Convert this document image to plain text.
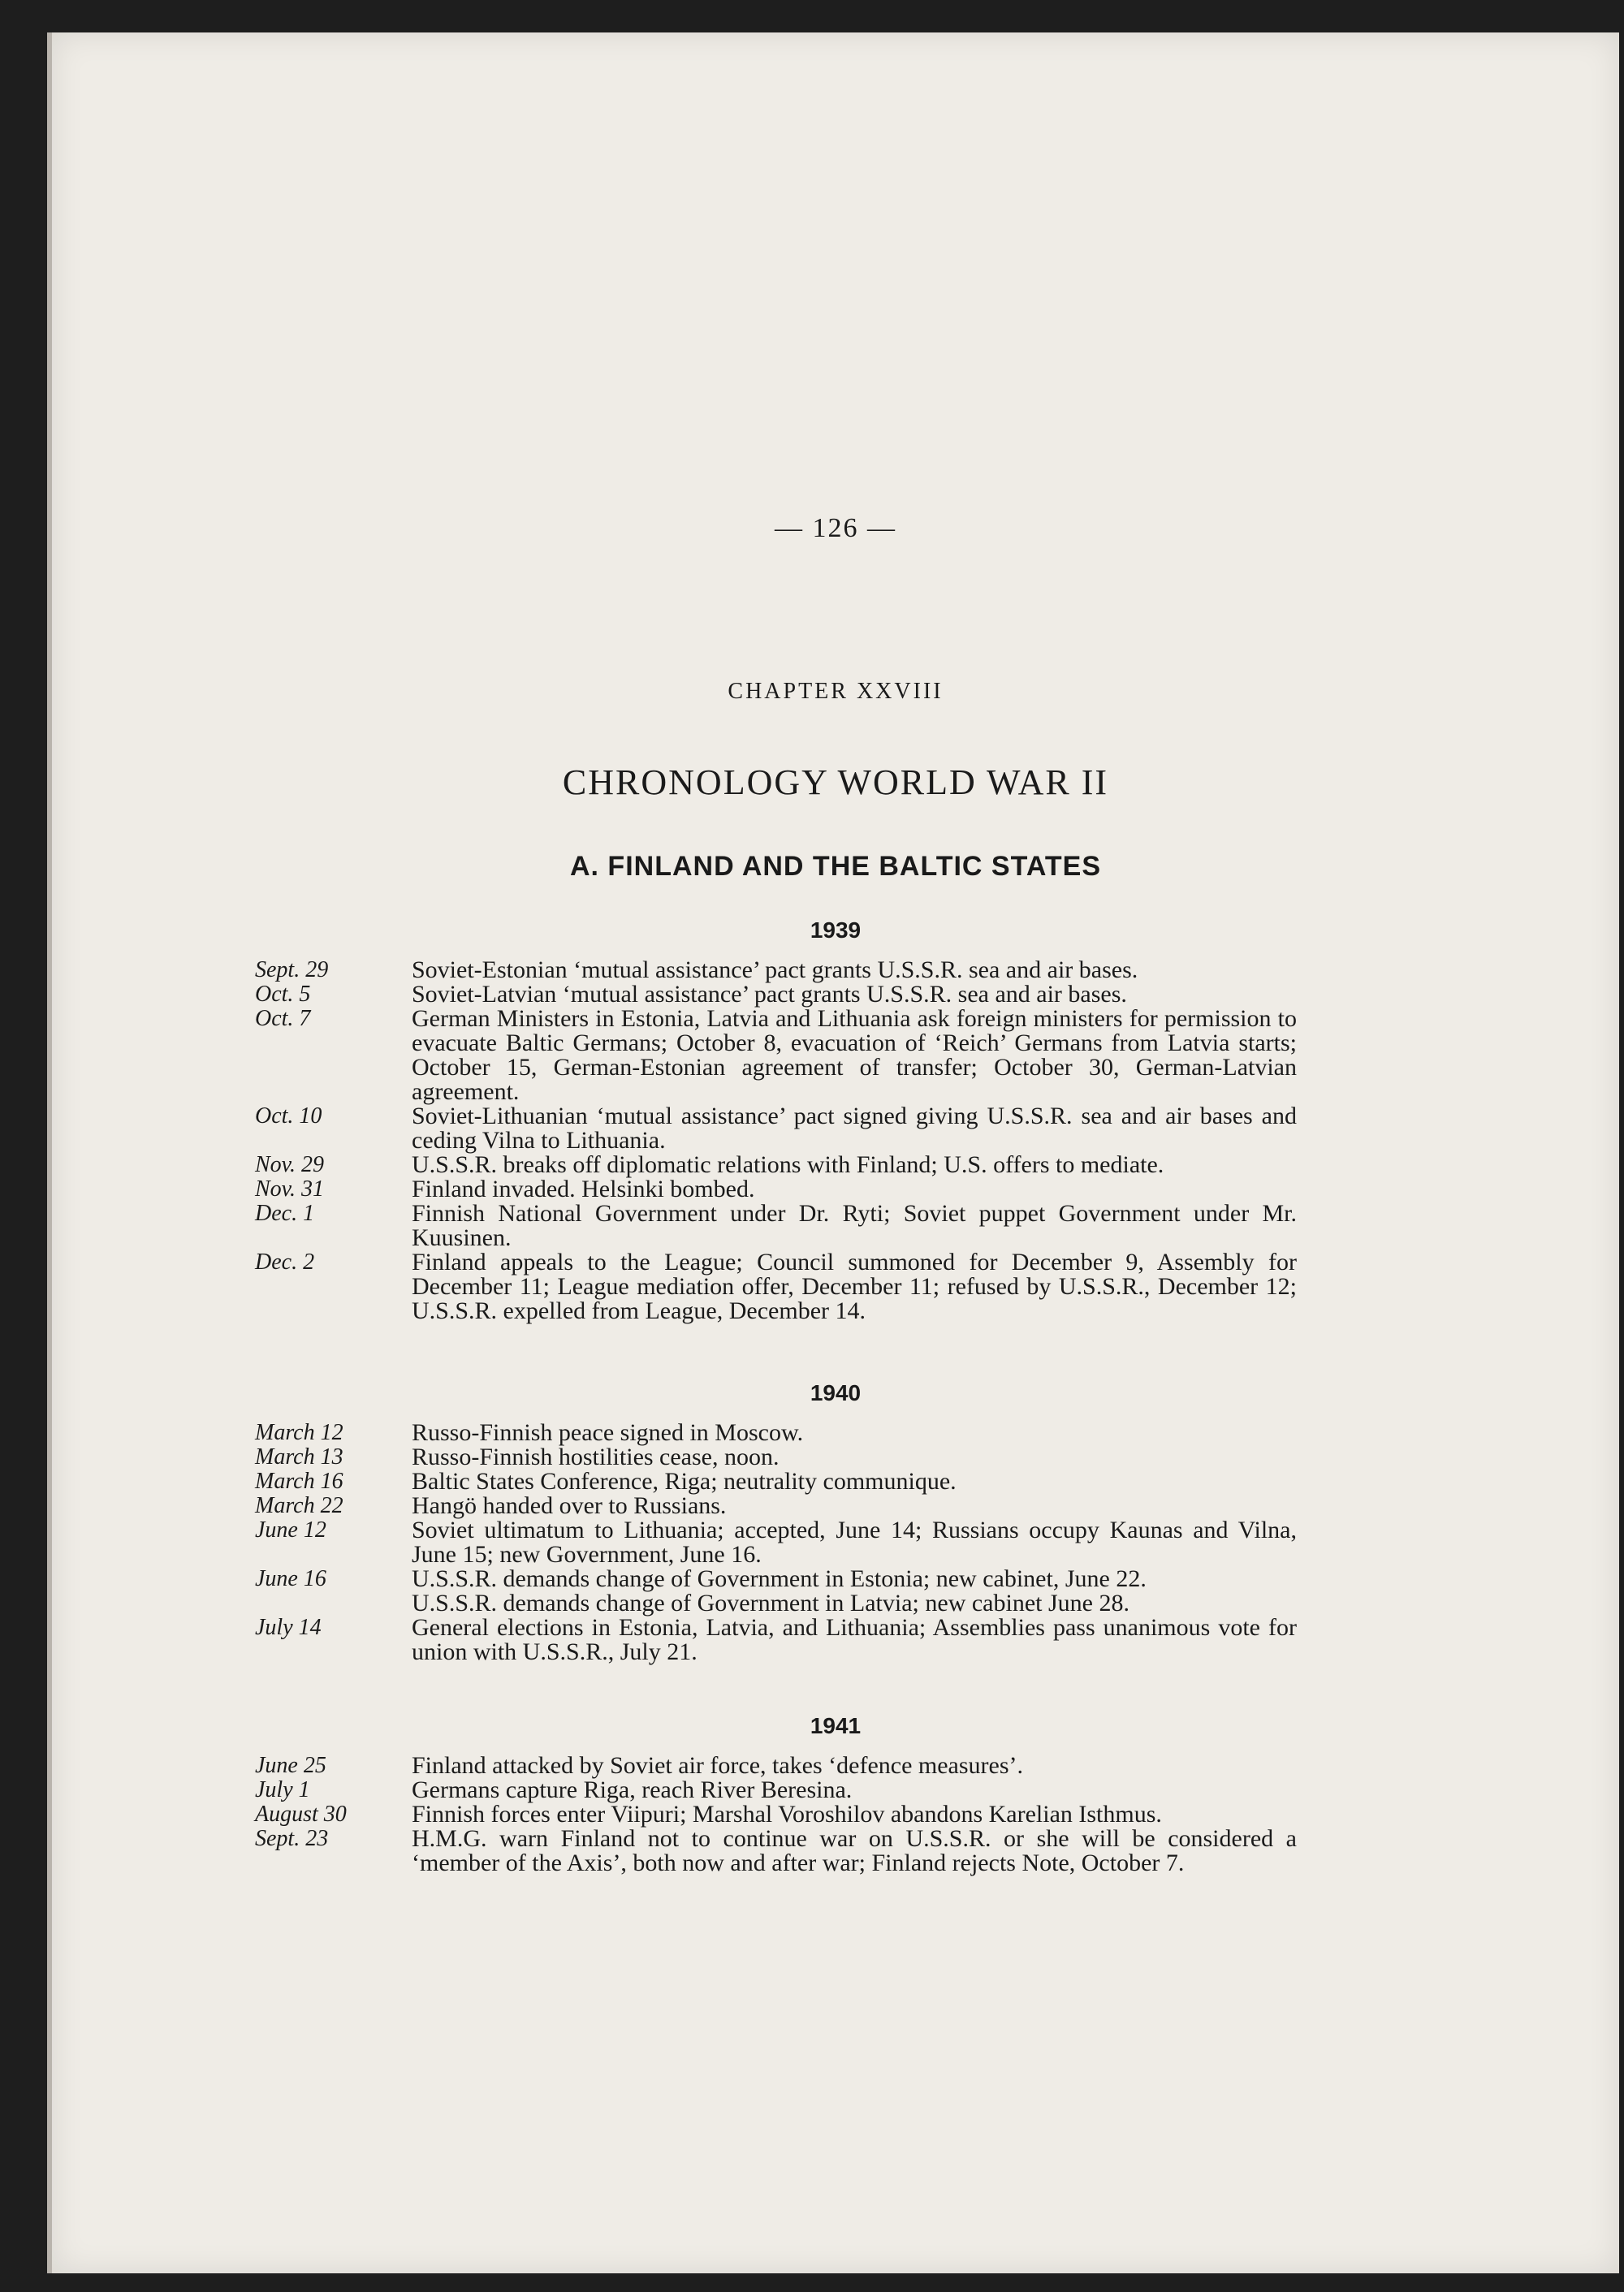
— 126 —
CHAPTER XXVIII
CHRONOLOGY WORLD WAR II
A. FINLAND AND THE BALTIC STATES
1939
Sept. 29	Soviet-Estonian ‘mutual assistance’ pact grants U.S.S.R. sea and air bases.
Oct. 5	Soviet-Latvian ‘mutual assistance’ pact grants U.S.S.R. sea and air bases.
Oct. 7	German Ministers in Estonia, Latvia and Lithuania ask foreign ministers for permission to evacuate Baltic Germans; October 8, evacuation of ‘Reich’ Germans from Latvia starts; October 15, German-Estonian agreement of transfer; October 30, German-Latvian agreement.
Oct. 10	Soviet-Lithuanian ‘mutual assistance’ pact signed giving U.S.S.R. sea and air bases and ceding Vilna to Lithuania.
Nov. 29	U.S.S.R. breaks off diplomatic relations with Finland; U.S. offers to mediate.
Nov. 31	Finland invaded. Helsinki bombed.
Dec. 1	Finnish National Government under Dr. Ryti; Soviet puppet Government under Mr. Kuusinen.
Dec. 2	Finland appeals to the League; Council summoned for December 9, Assembly for December 11; League mediation offer, December 11; refused by U.S.S.R., December 12; U.S.S.R. expelled from League, December 14.
1940
March 12	Russo-Finnish peace signed in Moscow.
March 13	Russo-Finnish hostilities cease, noon.
March 16	Baltic States Conference, Riga; neutrality communique.
March 22	Hangö handed over to Russians.
June 12	Soviet ultimatum to Lithuania; accepted, June 14; Russians occupy Kaunas and Vilna, June 15; new Government, June 16.
June 16	U.S.S.R. demands change of Government in Estonia; new cabinet, June 22.
U.S.S.R. demands change of Government in Latvia; new cabinet June 28.
July 14	General elections in Estonia, Latvia, and Lithuania; Assemblies pass unanimous vote for union with U.S.S.R., July 21.
1941
June 25	Finland attacked by Soviet air force, takes ‘defence measures’.
July 1	Germans capture Riga, reach River Beresina.
August 30	Finnish forces enter Viipuri; Marshal Voroshilov abandons Karelian Isthmus.
Sept. 23	H.M.G. warn Finland not to continue war on U.S.S.R. or she will be considered a ‘member of the Axis’, both now and after war; Finland rejects Note, October 7.
